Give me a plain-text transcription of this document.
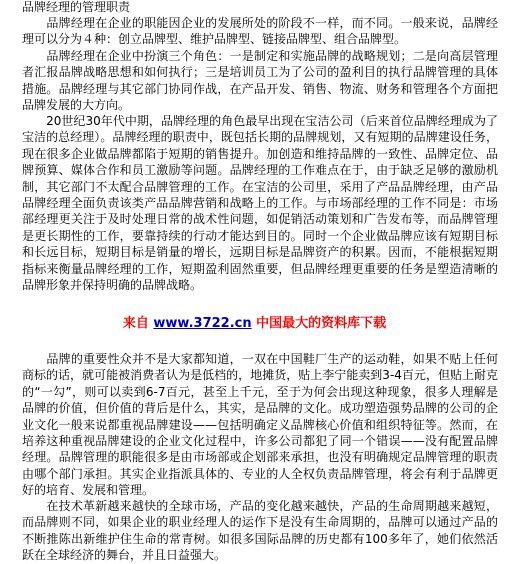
品牌经理的管理职责

　　品牌经理在企业的职能因企业的发展所处的阶段不一样，而不同。一般来说，品牌经理可以分为４种：创立品牌型、维护品牌型、链接品牌型、组合品牌型。

　　品牌经理在企业中扮演三个角色：一是制定和实施品牌的战略规划；二是向高层管理者汇报品牌战略思想和如何执行；三是培训员工为了公司的盈利目的执行品牌管理的具体措施。品牌经理与其它部门协同作战，在产品开发、销售、物流、财务和管理各个方面把品牌发展的大方向。

　　20世纪30年代中期，品牌经理的角色最早出现在宝洁公司（后来首位品牌经理成为了宝洁的总经理）。品牌经理的职责中，既包括长期的品牌规划，又有短期的品牌建设任务，现在很多企业做品牌都陷于短期的销售提升。加创造和维持品牌的一致性、品牌定位、品牌预算、媒体合作和员工激励等问题。品牌经理的工作难点在于，由于缺乏足够的激励机制，其它部门不太配合品牌管理的工作。在宝洁的公司里，采用了产品品牌经理，由产品品牌经理全面负责该类产品品牌营销和战略上的工作。与市场部经理的工作不同是：市场部经理更关注于及时处理日常的战术性问题，如促销活动策划和广告发布等，而品牌管理是更长期性的工作，要靠持续的行动才能达到目的。同时一个企业做品牌应该有短期目标和长远目标，短期目标是销量的增长，远期目标是品牌资产的积累。因而，不能根据短期指标来衡量品牌经理的工作，短期盈利固然重要，但品牌经理更重要的任务是塑造清晰的品牌形象并保持明确的品牌战略。

来自 www.3722.cn 中国最大的资料库下载

　　品牌的重要性众并不是大家都知道，一双在中国鞋厂生产的运动鞋，如果不贴上任何商标的话，就可能被消费者认为是低档的，地摊货，贴上李宁能卖到3-4百元，但贴上耐克的“一勾”，则可以卖到6-7百元，甚至上千元，至于为何会出现这种现象，很多人理解是品牌的价值，但价值的背后是什么，其实，是品牌的文化。成功塑造强势品牌的公司的企业文化一般来说都重视品牌建设——包括明确定义品牌核心价值和组织特征等。然而，在培养这种重视品牌建设的企业文化过程中，许多公司都犯了同一个错误——没有配置品牌经理。品牌管理的职能很多是由市场部或企划部来承担，也没有明确规定品牌管理的职责由哪个部门承担。其实企业指派具体的、专业的人全权负责品牌管理，将会有利于品牌更好的培育、发展和管理。

　　在技术革新越来越快的全球市场，产品的变化越来越快，产品的生命周期越来越短，而品牌则不同，如果企业的职业经理人的运作下是没有生命周期的，品牌可以通过产品的不断推陈出新维护住生命的常青树。如很多国际品牌的历史都有100多年了，她们依然活跃在全球经济的舞台，并且日益强大。
